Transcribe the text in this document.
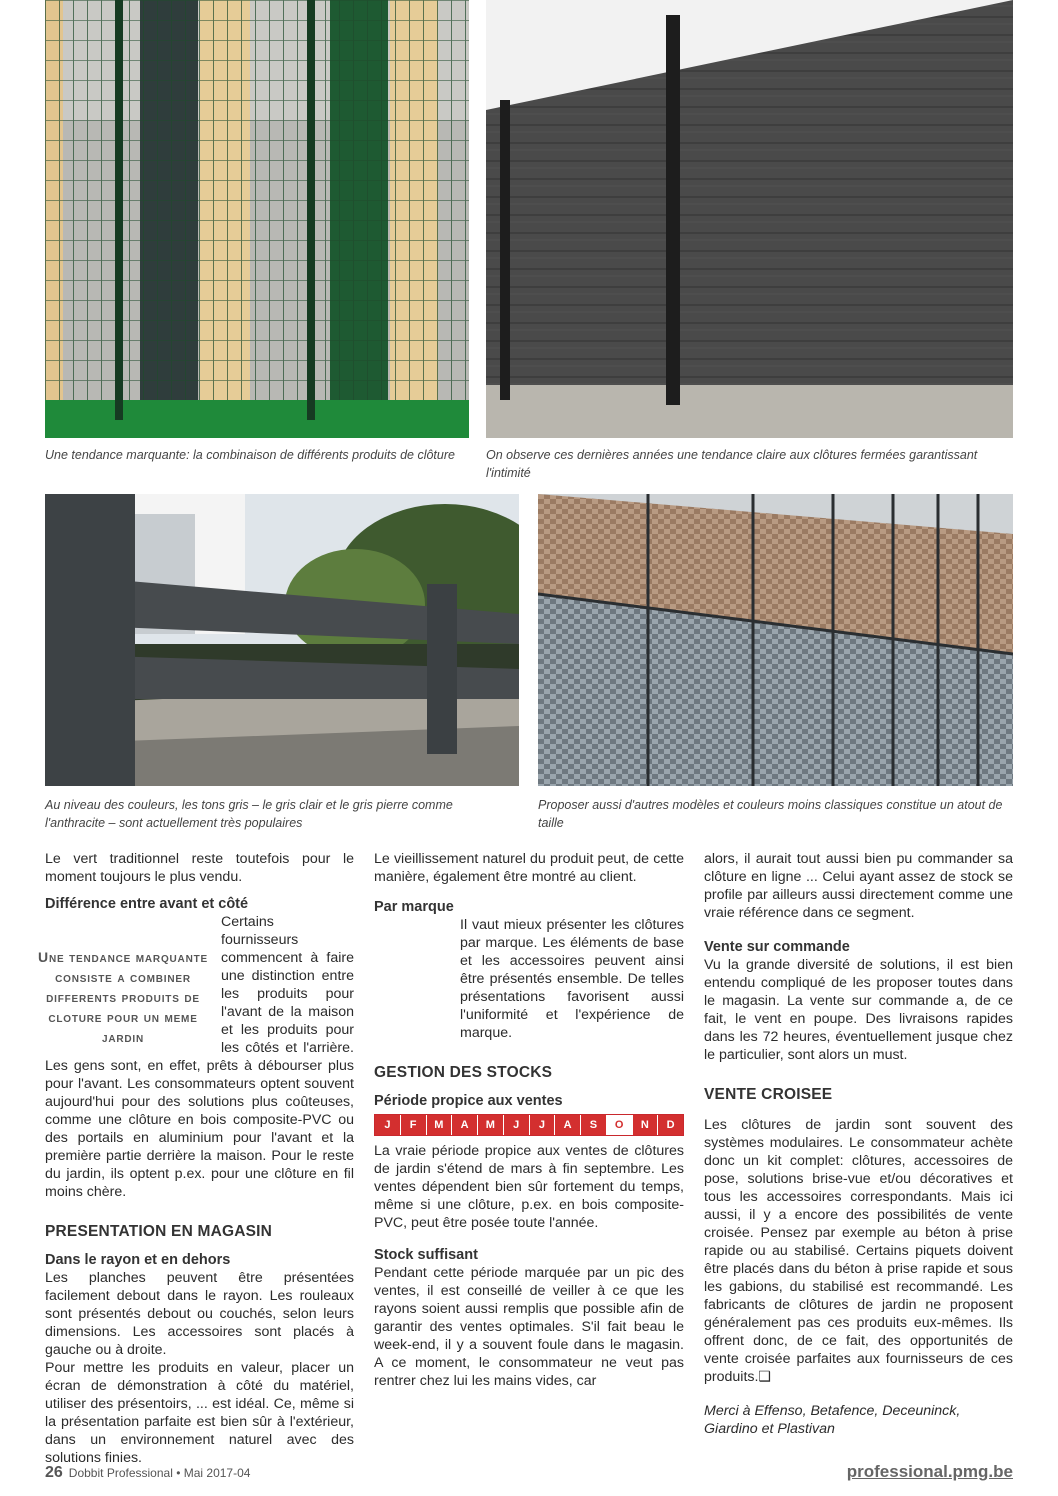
Une tendance marquante: la combinaison de différents produits de clôture	On observe ces dernières années une tendance claire aux clôtures fermées garantissant l'intimité
Au niveau des couleurs, les tons gris – le gris clair et le gris pierre comme l'anthracite – sont actuellement très populaires
Proposer aussi d'autres modèles et couleurs moins classiques constitue un atout de taille

Le vert traditionnel reste toutefois pour le moment toujours le plus vendu.

Différence entre avant et côté

Une tendance marquante consiste a combiner differents produits de cloture pour un meme jardin

Certains fournisseurs commencent à faire une distinction entre les produits pour l'avant de la maison et les produits pour les côtés et l'arrière. Les gens sont, en effet, prêts à débourser plus pour l'avant. Les consommateurs optent souvent aujourd'hui pour des solutions plus coûteuses, comme une clôture en bois composite-PVC ou des portails en aluminium pour l'avant et la première partie derrière la maison. Pour le reste du jardin, ils optent p.ex. pour une clôture en fil moins chère.

PRESENTATION EN MAGASIN

Dans le rayon et en dehors

Les planches peuvent être présentées facilement debout dans le rayon. Les rouleaux sont présentés debout ou couchés, selon leurs dimensions. Les accessoires sont placés à gauche ou à droite.

Pour mettre les produits en valeur, placer un écran de démonstration à côté du matériel, utiliser des présentoirs, ... est idéal. Ce, même si la présentation parfaite est bien sûr à l'extérieur, dans un environnement naturel avec des solutions finies.

Le vieillissement naturel du produit peut, de cette manière, également être montré au client.

Par marque

Il vaut mieux présenter les clôtures par marque. Les éléments de base et les accessoires peuvent ainsi être présentés ensemble. De telles présentations favorisent aussi l'uniformité et l'expérience de marque.

GESTION DES STOCKS

Période propice aux ventes

J	F	M	A	M	J	J	A	S	O	N	D

La vraie période propice aux ventes de clôtures de jardin s'étend de mars à fin septembre. Les ventes dépendent bien sûr fortement du temps, même si une clôture, p.ex. en bois composite-PVC, peut être posée toute l'année.

Stock suffisant

Pendant cette période marquée par un pic des ventes, il est conseillé de veiller à ce que les rayons soient aussi remplis que possible afin de garantir des ventes optimales. S'il fait beau le week-end, il y a souvent foule dans le magasin. A ce moment, le consommateur ne veut pas rentrer chez lui les mains vides, car

alors, il aurait tout aussi bien pu commander sa clôture en ligne ... Celui ayant assez de stock se profile par ailleurs aussi directement comme une vraie référence dans ce segment.

Vente sur commande

Vu la grande diversité de solutions, il est bien entendu compliqué de les proposer toutes dans le magasin. La vente sur commande a, de ce fait, le vent en poupe. Des livraisons rapides dans les 72 heures, éventuellement jusque chez le particulier, sont alors un must.

VENTE CROISEE

Les clôtures de jardin sont souvent des systèmes modulaires. Le consommateur achète donc un kit complet: clôtures, accessoires de pose, solutions brise-vue et/ou décoratives et tous les accessoires correspondants. Mais ici aussi, il y a encore des possibilités de vente croisée. Pensez par exemple au béton à prise rapide ou au stabilisé. Certains piquets doivent être placés dans du béton à prise rapide et sous les gabions, du stabilisé est recommandé. Les fabricants de clôtures de jardin ne proposent généralement pas ces produits eux-mêmes. Ils offrent donc, de ce fait, des opportunités de vente croisée parfaites aux fournisseurs de ces produits.❑

Merci à Effenso, Betafence, Deceuninck, Giardino et Plastivan

26 Dobbit Professional • Mai 2017-04	professional.pmg.be
